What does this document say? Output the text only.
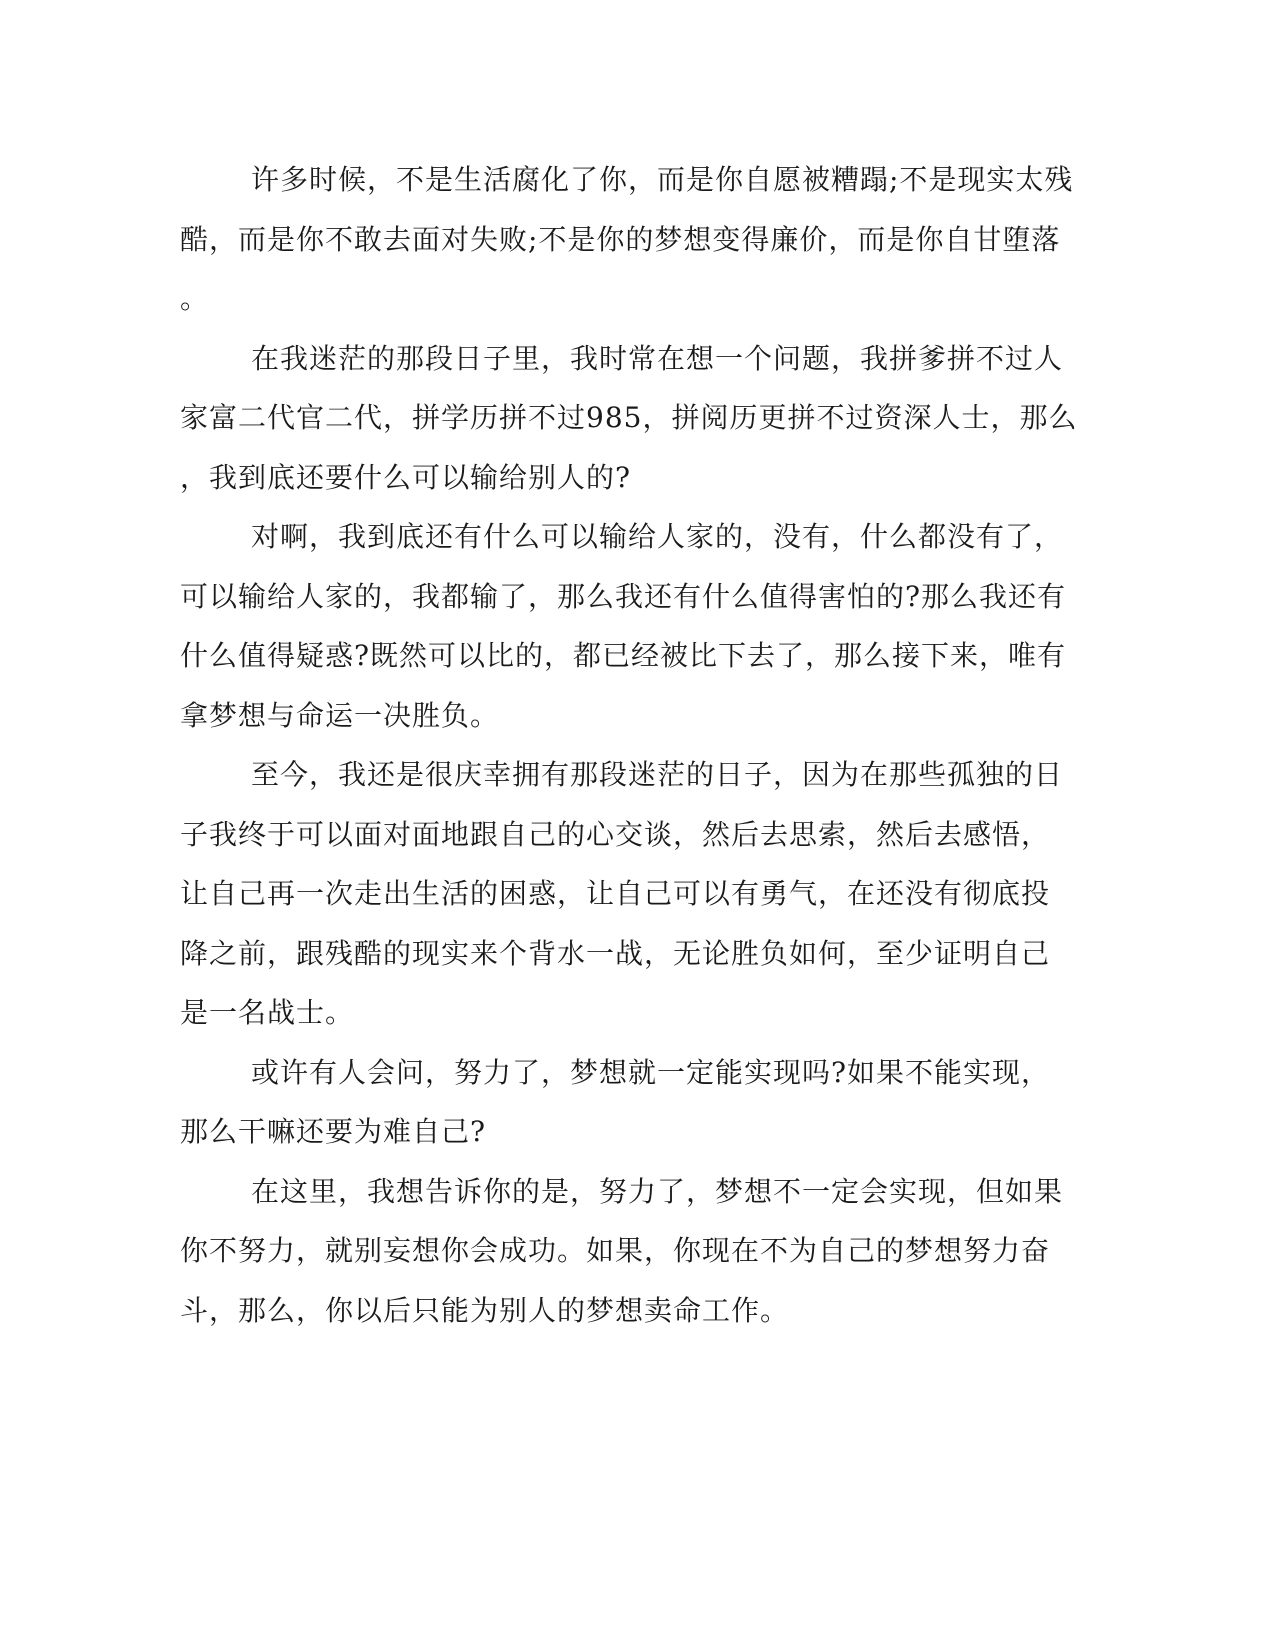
许多时候，不是生活腐化了你，而是你自愿被糟蹋;不是现实太残
酷，而是你不敢去面对失败;不是你的梦想变得廉价，而是你自甘堕落
。
在我迷茫的那段日子里，我时常在想一个问题，我拼爹拼不过人
家富二代官二代，拼学历拼不过985，拼阅历更拼不过资深人士，那么
，我到底还要什么可以输给别人的?
对啊，我到底还有什么可以输给人家的，没有，什么都没有了，
可以输给人家的，我都输了，那么我还有什么值得害怕的?那么我还有
什么值得疑惑?既然可以比的，都已经被比下去了，那么接下来，唯有
拿梦想与命运一决胜负。
至今，我还是很庆幸拥有那段迷茫的日子，因为在那些孤独的日
子我终于可以面对面地跟自己的心交谈，然后去思索，然后去感悟，
让自己再一次走出生活的困惑，让自己可以有勇气，在还没有彻底投
降之前，跟残酷的现实来个背水一战，无论胜负如何，至少证明自己
是一名战士。
或许有人会问，努力了，梦想就一定能实现吗?如果不能实现，
那么干嘛还要为难自己?
在这里，我想告诉你的是，努力了，梦想不一定会实现，但如果
你不努力，就别妄想你会成功。如果，你现在不为自己的梦想努力奋
斗，那么，你以后只能为别人的梦想卖命工作。
